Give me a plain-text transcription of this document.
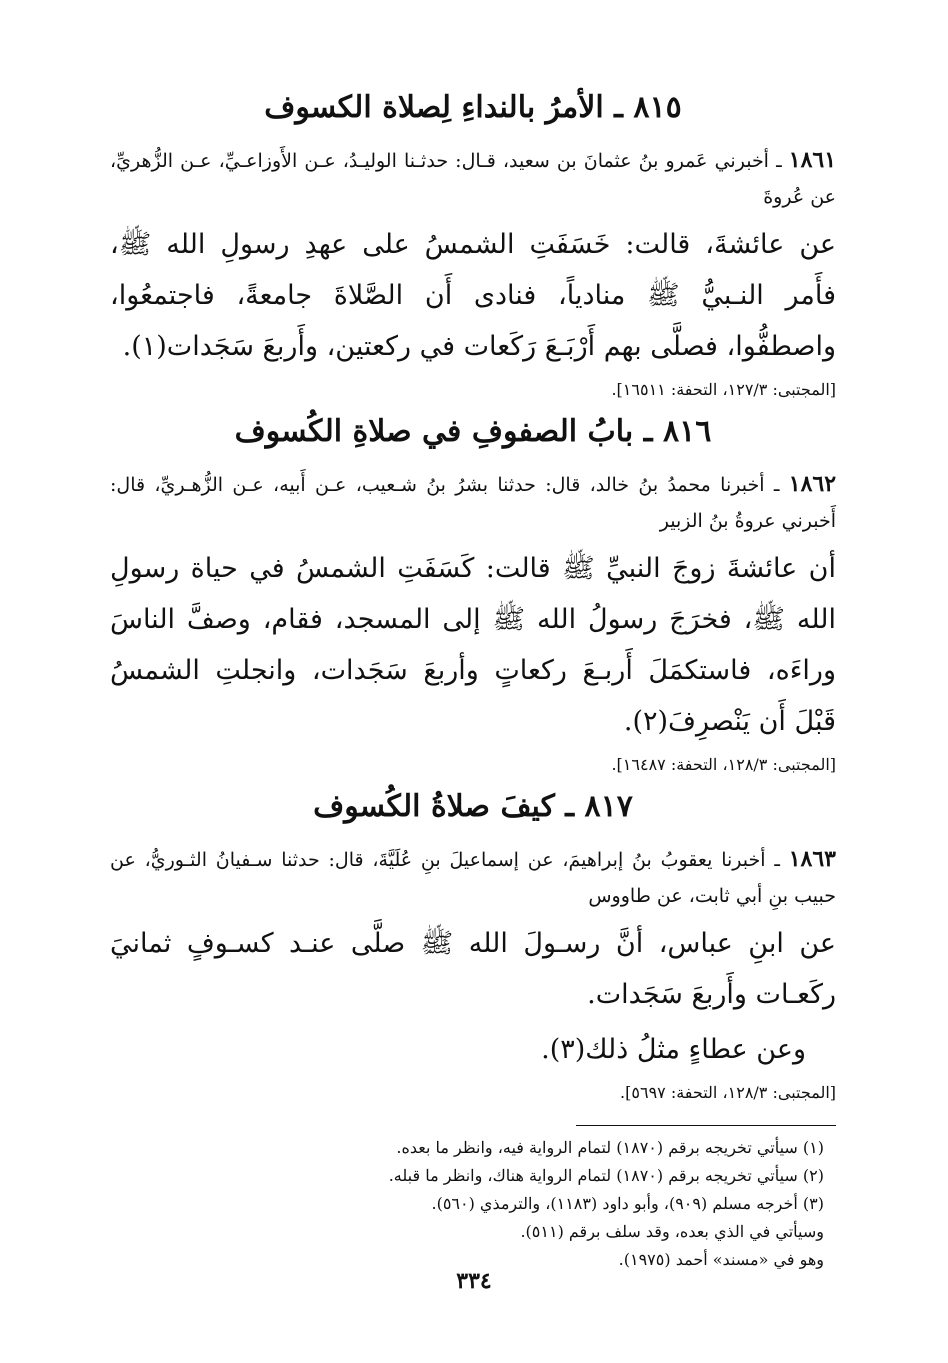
٨١٥ ـ الأمرُ بالنداءِ لِصلاة الكسوف

١٨٦١ ـ أخبرني عَمرو بنُ عثمانَ بن سعيد، قـال: حدثـنا الوليـدُ، عـن الأَوزاعـيِّ، عـن الزُّهريِّ، عن عُروةَ

عن عائشةَ، قالت: خَسَفَتِ الشمسُ على عهدِ رسولِ الله ﷺ، فأَمر النـبيُّ ﷺ منادياً، فنادى أَن الصَّلاةَ جامعةً، فاجتمعُوا، واصطفُّوا، فصلَّى بهم أَرْبَـعَ رَكَعات في ركعتين، وأَربعَ سَجَدات(١).

[المجتبى: ١٢٧/٣، التحفة: ١٦٥١١].
٨١٦ ـ بابُ الصفوفِ في صلاةِ الكُسوف

١٨٦٢ ـ أخبرنا محمدُ بنُ خالد، قال: حدثنا بشرُ بنُ شـعيب، عـن أَبيه، عـن الزُّهـريِّ، قال: أَخبرني عروةُ بنُ الزبير

أن عائشةَ زوجَ النبيِّ ﷺ قالت: كَسَفَتِ الشمسُ في حياة رسولِ الله ﷺ، فخرَجَ رسولُ الله ﷺ إلى المسجد، فقام، وصفَّ الناسَ وراءَه، فاستكمَلَ أَربـعَ ركعاتٍ وأربعَ سَجَدات، وانجلتِ الشمسُ قَبْلَ أَن يَنْصرِفَ(٢).

[المجتبى: ١٢٨/٣، التحفة: ١٦٤٨٧].
٨١٧ ـ كيفَ صلاةُ الكُسوف

١٨٦٣ ـ أخبرنا يعقوبُ بنُ إبراهيمَ، عن إسماعيلَ بنِ عُلَيَّةَ، قال: حدثنا سـفيانُ الثـوريُّ، عن حبيب بنِ أبي ثابت، عن طاووس

عن ابنِ عباس، أنَّ رسـولَ الله ﷺ صلَّى عنـد كسـوفٍ ثمانيَ ركَعـات وأَربعَ سَجَدات.

وعن عطاءٍ مثلُ ذلك(٣).

[المجتبى: ١٢٨/٣، التحفة: ٥٦٩٧].
(١) سيأتي تخريجه برقم (١٨٧٠) لتمام الرواية فيه، وانظر ما بعده.
(٢) سيأتي تخريجه برقم (١٨٧٠) لتمام الرواية هناك، وانظر ما قبله.
(٣) أخرجه مسلم (٩٠٩)، وأبو داود (١١٨٣)، والترمذي (٥٦٠).
وسيأتي في الذي بعده، وقد سلف برقم (٥١١).
وهو في «مسند» أحمد (١٩٧٥).
٣٣٤
